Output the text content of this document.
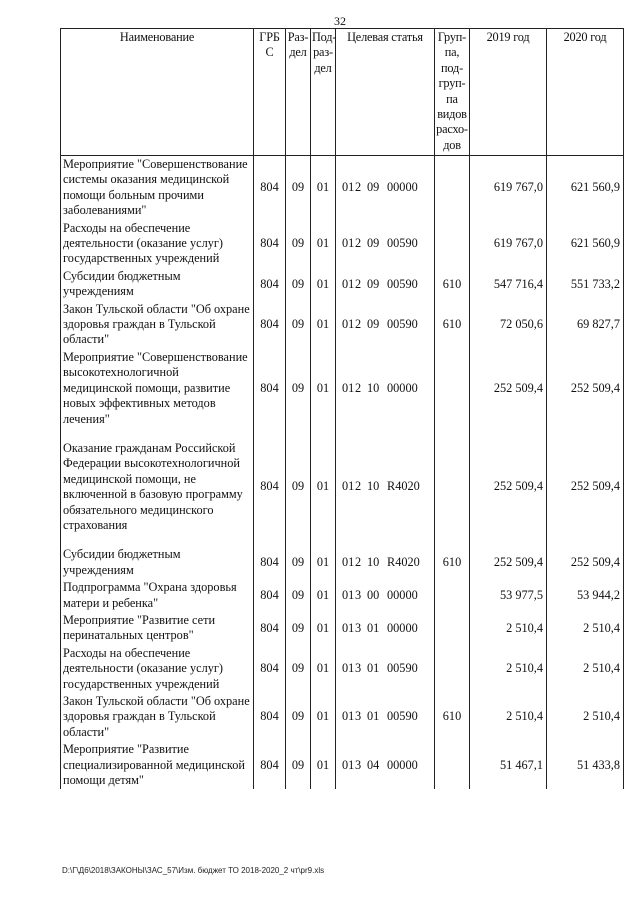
32
Наименование	ГРБ С	Раз-дел	Под-раз-дел	Целевая статья	Груп-па, под-груп-па видов расхо-дов	2019 год	2020 год
Мероприятие "Совершенствование системы оказания медицинской помощи больным прочими заболеваниями"	804	09	01	01 2 09 00000		619 767,0	621 560,9
Расходы на обеспечение деятельности (оказание услуг) государственных учреждений	804	09	01	01 2 09 00590		619 767,0	621 560,9
Субсидии бюджетным учреждениям	804	09	01	01 2 09 00590	610	547 716,4	551 733,2
Закон Тульской области "Об охране здоровья граждан в Тульской области"	804	09	01	01 2 09 00590	610	72 050,6	69 827,7
Мероприятие "Совершенствование высокотехнологичной медицинской помощи, развитие новых эффективных методов лечения"	804	09	01	01 2 10 00000		252 509,4	252 509,4

Оказание гражданам Российской Федерации высокотехнологичной медицинской помощи, не включенной в базовую программу обязательного медицинского страхования	804	09	01	01 2 10 R4020		252 509,4	252 509,4

Субсидии бюджетным учреждениям	804	09	01	01 2 10 R4020	610	252 509,4	252 509,4
Подпрограмма "Охрана здоровья матери и ребенка"	804	09	01	01 3 00 00000		53 977,5	53 944,2
Мероприятие "Развитие сети перинатальных центров"	804	09	01	01 3 01 00000		2 510,4	2 510,4
Расходы на обеспечение деятельности (оказание услуг) государственных учреждений	804	09	01	01 3 01 00590		2 510,4	2 510,4
Закон Тульской области "Об охране здоровья граждан в Тульской области"	804	09	01	01 3 01 00590	610	2 510,4	2 510,4
Мероприятие "Развитие специализированной медицинской помощи детям"	804	09	01	01 3 04 00000		51 467,1	51 433,8
D:\Г\Д6\2018\ЗАКОНЫ\ЗАС_57\Изм. бюджет ТО 2018-2020_2 чт\pr9.xls
